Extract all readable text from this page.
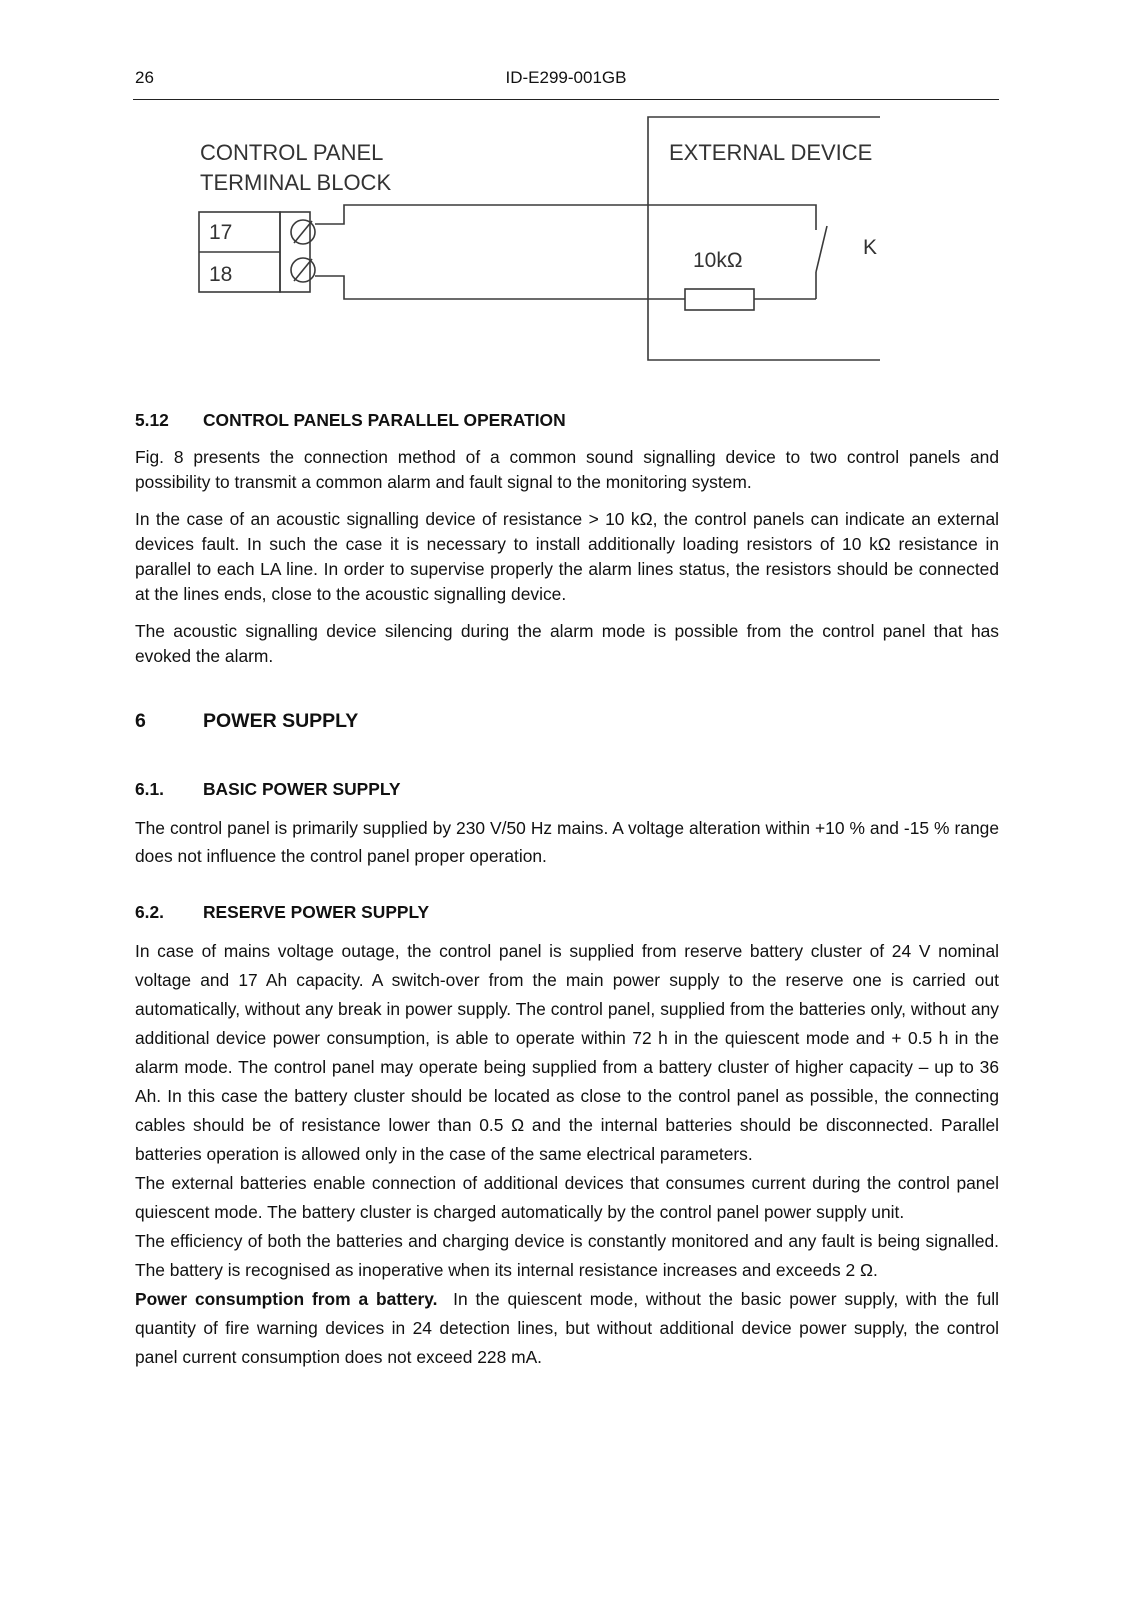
26	ID-E299-001GB
CONTROL PANEL
TERMINAL BLOCK
EXTERNAL DEVICE
17
18
10kΩ
K
5.12	CONTROL PANELS PARALLEL OPERATION

Fig. 8 presents the connection method of a common sound signalling device to two control panels and possibility to transmit a common alarm and fault signal to the monitoring system.

In the case of an acoustic signalling device of resistance > 10 kΩ, the control panels can indicate an external devices fault. In such the case it is necessary to install additionally loading resistors of 10 kΩ resistance in parallel to each LA line. In order to supervise properly the alarm lines status, the resistors should be connected at the lines ends, close to the acoustic signalling device.

The acoustic signalling device silencing during the alarm mode is possible from the control panel that has evoked the alarm.

6	POWER SUPPLY
6.1.	BASIC POWER SUPPLY

The control panel is primarily supplied by 230 V/50 Hz mains. A voltage alteration within +10 % and -15 % range does not influence the control panel proper operation.

6.2.	RESERVE POWER SUPPLY

In case of mains voltage outage, the control panel is supplied from reserve battery cluster of 24 V nominal voltage and 17 Ah capacity. A switch-over from the main power supply to the reserve one is carried out automatically, without any break in power supply. The control panel, supplied from the batteries only, without any additional device power consumption, is able to operate within 72 h in the quiescent mode and + 0.5 h in the alarm mode. The control panel may operate being supplied from a battery cluster of higher capacity – up to 36 Ah. In this case the battery cluster should be located as close to the control panel as possible, the connecting cables should be of resistance lower than 0.5 Ω and the internal batteries should be disconnected. Parallel batteries operation is allowed only in the case of the same electrical parameters.

The external batteries enable connection of additional devices that consumes current during the control panel quiescent mode. The battery cluster is charged automatically by the control panel power supply unit.

The efficiency of both the batteries and charging device is constantly monitored and any fault is being signalled. The battery is recognised as inoperative when its internal resistance increases and exceeds 2 Ω.

Power consumption from a battery. In the quiescent mode, without the basic power supply, with the full quantity of fire warning devices in 24 detection lines, but without additional device power supply, the control panel current consumption does not exceed 228 mA.
